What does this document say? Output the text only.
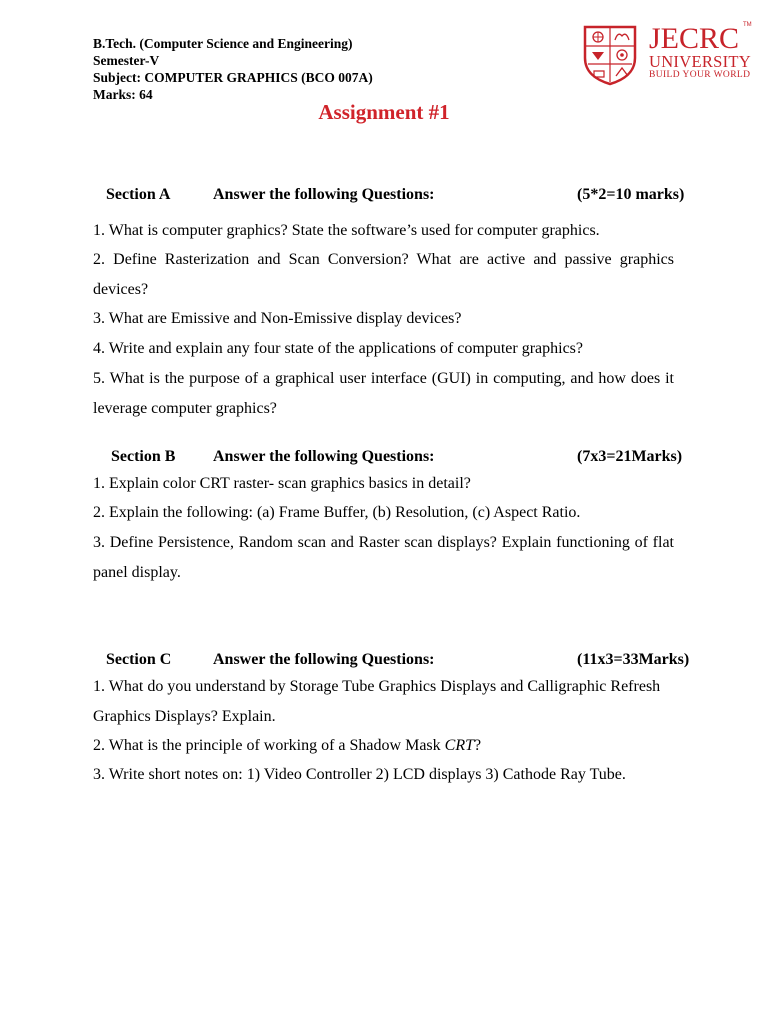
B.Tech. (Computer Science and Engineering)
Semester-V
Subject: COMPUTER GRAPHICS (BCO 007A)
Marks: 64
JECRC TM
UNIVERSITY
BUILD YOUR WORLD
Assignment #1
Section A	Answer the following Questions:	(5*2=10 marks)
1. What is computer graphics? State the software’s used for computer graphics.
2. Define Rasterization and Scan Conversion? What are active and passive graphics devices?
3. What are Emissive and Non-Emissive display devices?
4. Write and explain any four state of the applications of computer graphics?
5. What is the purpose of a graphical user interface (GUI) in computing, and how does it leverage computer graphics?
Section B Answer the following Questions:	(7x3=21Marks)
1. Explain color CRT raster- scan graphics basics in detail?
2. Explain the following: (a) Frame Buffer, (b) Resolution, (c) Aspect Ratio.
3. Define Persistence, Random scan and Raster scan displays? Explain functioning of flat panel display.
Section C	Answer the following Questions:	(11x3=33Marks)
1. What do you understand by Storage Tube Graphics Displays and Calligraphic Refresh Graphics Displays? Explain.
2. What is the principle of working of a Shadow Mask CRT?
3. Write short notes on: 1) Video Controller 2) LCD displays 3) Cathode Ray Tube.
